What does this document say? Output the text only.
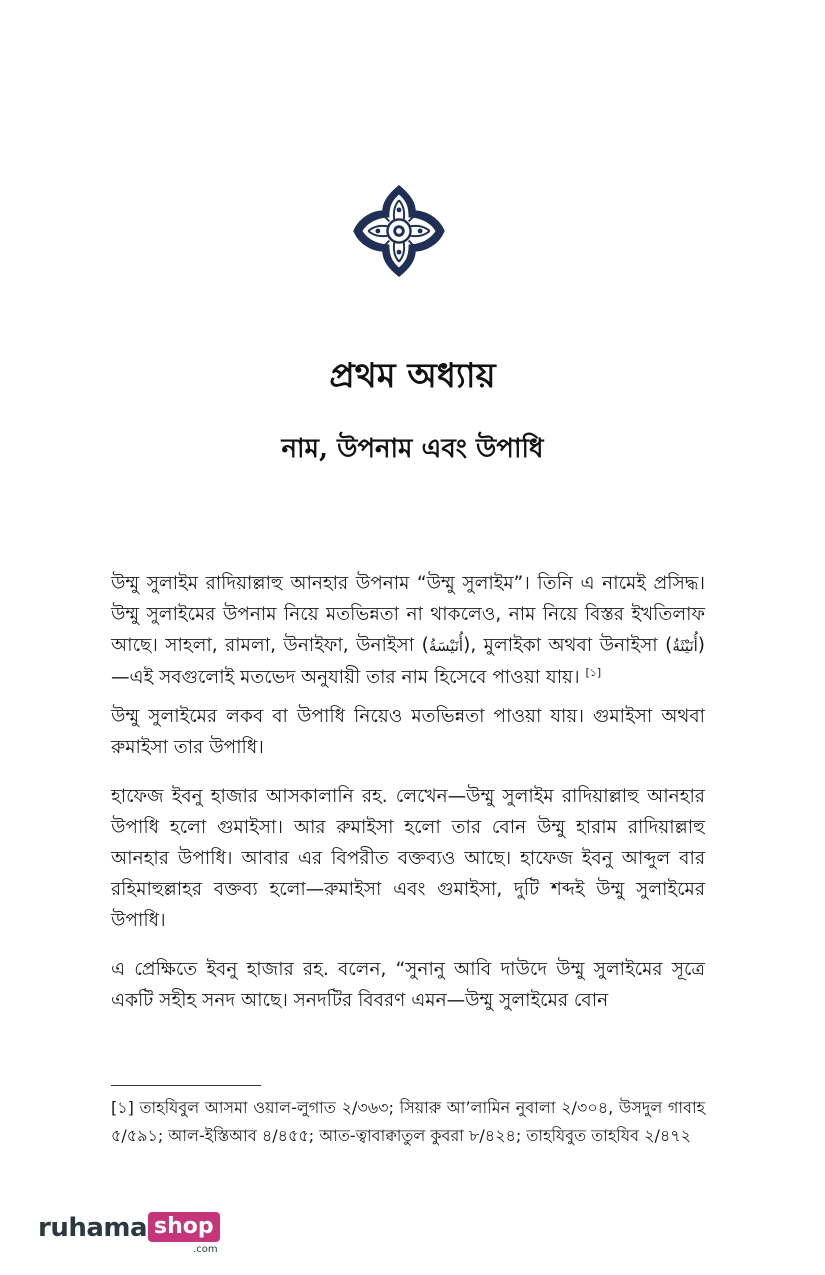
প্রথম অধ্যায়
নাম, উপনাম এবং উপাধি

উম্মু সুলাইম রাদিয়াল্লাহু আনহার উপনাম “উম্মু সুলাইম”। তিনি এ নামেই প্রসিদ্ধ। উম্মু সুলাইমের উপনাম নিয়ে মতভিন্নতা না থাকলেও, নাম নিয়ে বিস্তর ইখতিলাফ আছে। সাহলা, রামলা, উনাইফা, উনাইসা (أُنَيْسَةُ), মুলাইকা অথবা উনাইসা (أُنَيْثَةُ)—এই সবগুলোই মতভেদ অনুযায়ী তার নাম হিসেবে পাওয়া যায়। [১]

উম্মু সুলাইমের লকব বা উপাধি নিয়েও মতভিন্নতা পাওয়া যায়। গুমাইসা অথবা রুমাইসা তার উপাধি।

হাফেজ ইবনু হাজার আসকালানি রহ. লেখেন—উম্মু সুলাইম রাদিয়াল্লাহু আনহার উপাধি হলো গুমাইসা। আর রুমাইসা হলো তার বোন উম্মু হারাম রাদিয়াল্লাহু আনহার উপাধি। আবার এর বিপরীত বক্তব্যও আছে। হাফেজ ইবনু আব্দুল বার রহিমাহুল্লাহর বক্তব্য হলো—রুমাইসা এবং গুমাইসা, দুটি শব্দই উম্মু সুলাইমের উপাধি।

এ প্রেক্ষিতে ইবনু হাজার রহ. বলেন, “সুনানু আবি দাউদে উম্মু সুলাইমের সূত্রে একটি সহীহ সনদ আছে। সনদটির বিবরণ এমন—উম্মু সুলাইমের বোন

[১] তাহযিবুল আসমা ওয়াল-লুগাত ২/৩৬৩; সিয়ারু আ’লামিন নুবালা ২/৩০৪, উসদুল গাবাহ ৫/৫৯১; আল-ইস্তিআব ৪/৪৫৫; আত-ত্বাবাক্বাতুল কুবরা ৮/৪২৪; তাহযিবুত তাহযিব ২/৪৭২

ruhama shop
.com
